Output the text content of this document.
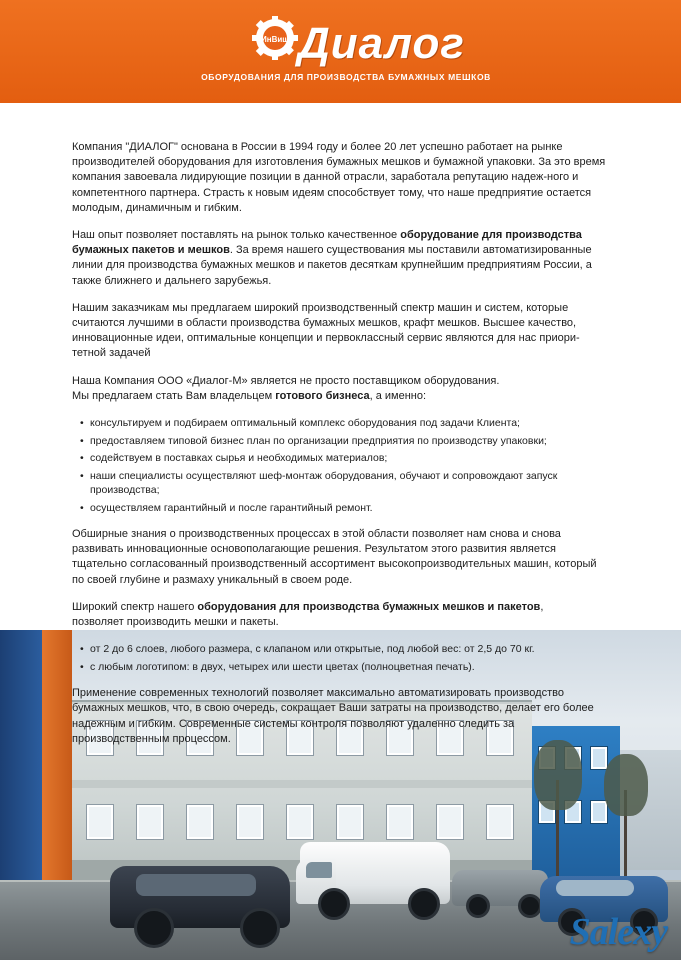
ИнВиш Диалог
ОБОРУДОВАНИЯ ДЛЯ ПРОИЗВОДСТВА БУМАЖНЫХ МЕШКОВ

Компания "ДИАЛОГ" основана в России в 1994 году и более 20 лет успешно работает на рынке производителей оборудования для изготовления бумажных мешков и бумажной упаковки. За это время компания завоевала лидирующие позиции в данной отрасли, заработала репутацию надеж-ного и компетентного партнера. Страсть к новым идеям способствует тому, что наше предприятие остается молодым, динамичным и гибким.

Наш опыт позволяет поставлять на рынок только качественное оборудование для производства бумажных пакетов и мешков. За время нашего существования мы поставили автоматизированные линии для производства бумажных мешков и пакетов десяткам крупнейшим предприятиям России, а также ближнего и дальнего зарубежья.

Нашим заказчикам мы предлагаем широкий производственный спектр машин и систем, которые считаются лучшими в области производства бумажных мешков, крафт мешков. Высшее качество, инновационные идеи, оптимальные концепции и первоклассный сервис являются для нас приори-тетной задачей

Наша Компания ООО «Диалог-М» является не просто поставщиком оборудования.
Мы предлагаем стать Вам владельцем готового бизнеса, а именно:

• консультируем и подбираем оптимальный комплекс оборудования под задачи Клиента;
• предоставляем типовой бизнес план по организации предприятия по производству упаковки;
• содействуем в поставках сырья и необходимых материалов;
• наши специалисты осуществляют шеф-монтаж оборудования, обучают и сопровождают запуск производства;
• осуществляем гарантийный и после гарантийный ремонт.

Обширные знания о производственных процессах в этой области позволяет нам снова и снова развивать инновационные основополагающие решения. Результатом этого развития является тщательно согласованный производственный ассортимент высокопроизводительных машин, который по своей глубине и размаху уникальный в своем роде.

Широкий спектр нашего оборудования для производства бумажных мешков и пакетов,
позволяет производить мешки и пакеты.

• от 2 до 6 слоев, любого размера, с клапаном или открытые, под любой вес: от 2,5 до 70 кг.
• с любым логотипом: в двух, четырех или шести цветах (полноцветная печать).

Применение современных технологий позволяет максимально автоматизировать производство бумажных мешков, что, в свою очередь, сокращает Ваши затраты на производство, делает его более надежным и гибким. Современные системы контроля позволяют удаленно следить за производственным процессом.

Salexy
